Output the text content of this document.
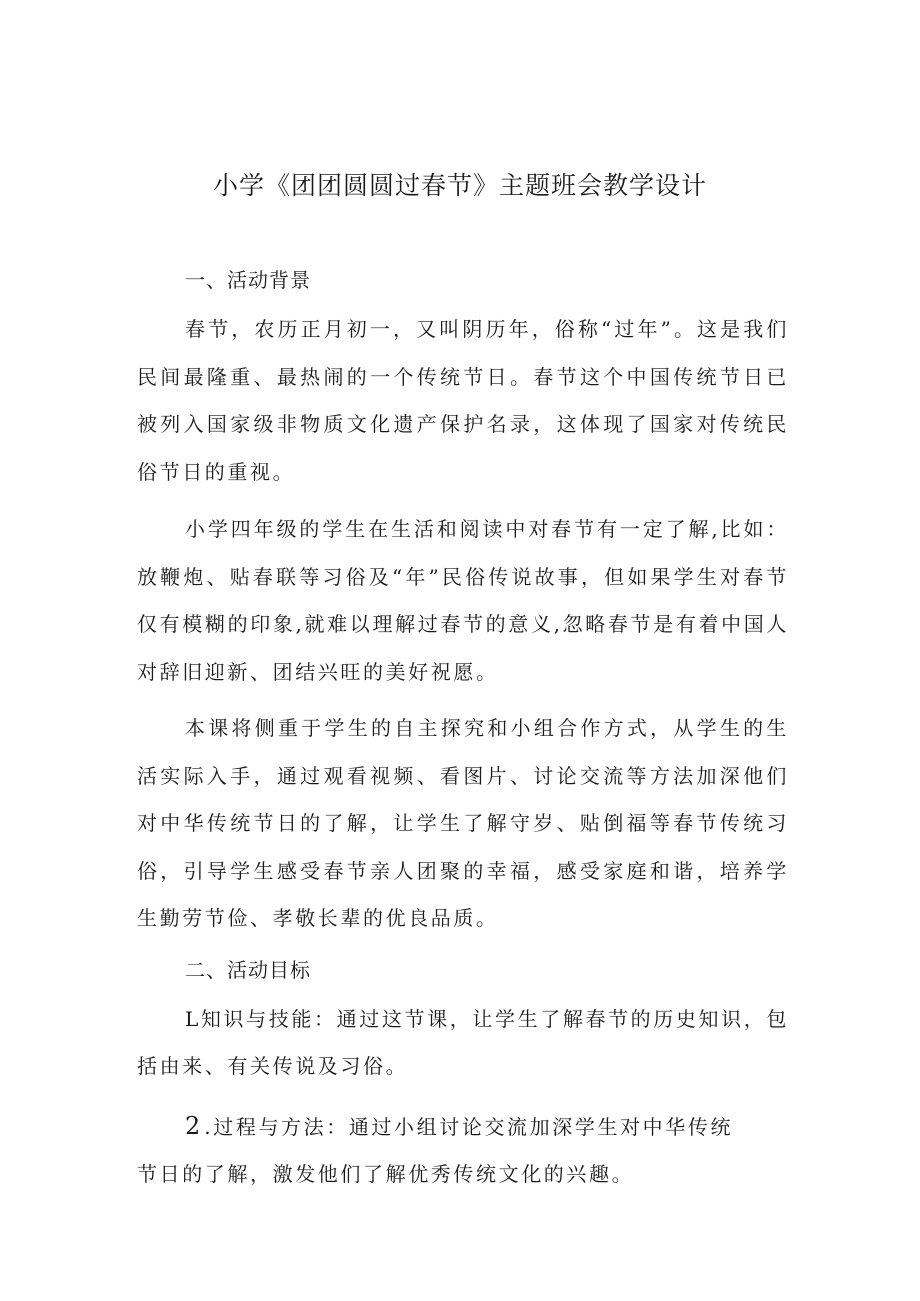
小学《团团圆圆过春节》主题班会教学设计

一、活动背景

春节，农历正月初一，又叫阴历年，俗称“过年”。这是我们民间最隆重、最热闹的一个传统节日。春节这个中国传统节日已被列入国家级非物质文化遗产保护名录，这体现了国家对传统民俗节日的重视。

小学四年级的学生在生活和阅读中对春节有一定了解,比如：放鞭炮、贴春联等习俗及“年”民俗传说故事，但如果学生对春节仅有模糊的印象,就难以理解过春节的意义,忽略春节是有着中国人对辞旧迎新、团结兴旺的美好祝愿。

本课将侧重于学生的自主探究和小组合作方式，从学生的生活实际入手，通过观看视频、看图片、讨论交流等方法加深他们对中华传统节日的了解，让学生了解守岁、贴倒福等春节传统习俗，引导学生感受春节亲人团聚的幸福，感受家庭和谐，培养学生勤劳节俭、孝敬长辈的优良品质。

二、活动目标

L知识与技能：通过这节课，让学生了解春节的历史知识，包括由来、有关传说及习俗。

2.过程与方法：通过小组讨论交流加深学生对中华传统

节日的了解，激发他们了解优秀传统文化的兴趣。
